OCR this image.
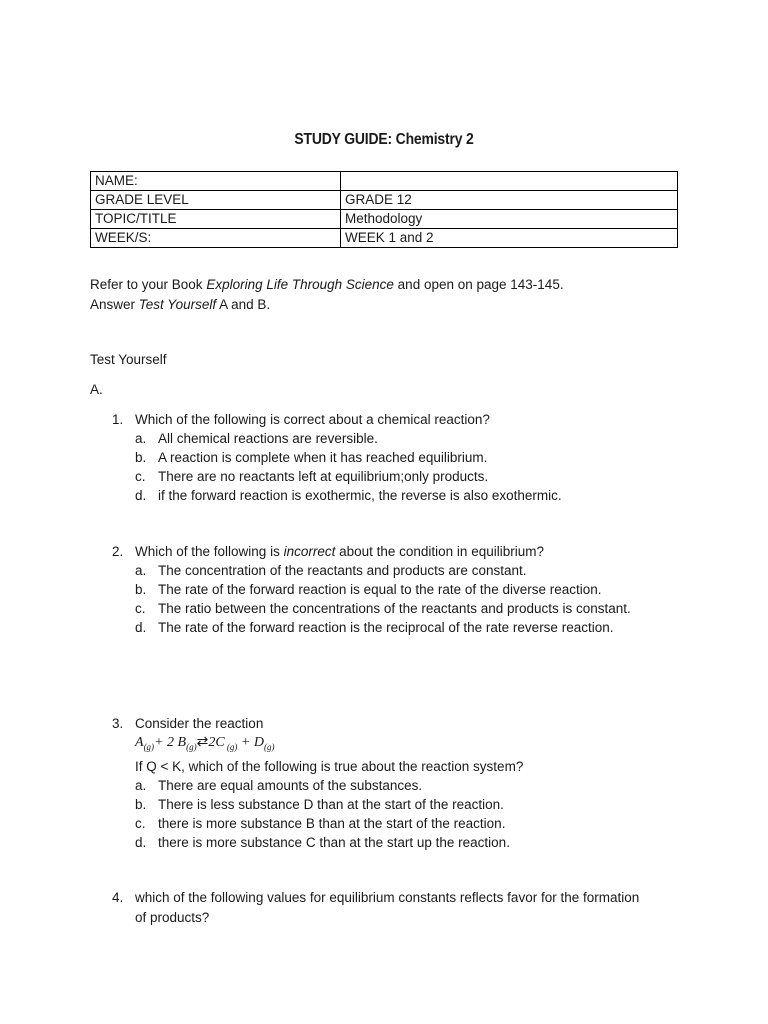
STUDY GUIDE: Chemistry 2
NAME:	
GRADE LEVEL	GRADE 12
TOPIC/TITLE	Methodology
WEEK/S:	WEEK 1 and 2
Refer to your Book Exploring Life Through Science and open on page 143-145.
Answer Test Yourself A and B.
Test Yourself
A.
1. Which of the following is correct about a chemical reaction?
a. All chemical reactions are reversible.
b. A reaction is complete when it has reached equilibrium.
c. There are no reactants left at equilibrium;only products.
d. if the forward reaction is exothermic, the reverse is also exothermic.
2. Which of the following is incorrect about the condition in equilibrium?
a. The concentration of the reactants and products are constant.
b. The rate of the forward reaction is equal to the rate of the diverse reaction.
c. The ratio between the concentrations of the reactants and products is constant.
d. The rate of the forward reaction is the reciprocal of the rate reverse reaction.
3. Consider the reaction
$A_{(g)}+ 2$ $B_{(g)}⇄2C$ $_{(g)} + D_{(g)}$
If Q < K, which of the following is true about the reaction system?
a. There are equal amounts of the substances.
b. There is less substance D than at the start of the reaction.
c. there is more substance B than at the start of the reaction.
d. there is more substance C than at the start up the reaction.
4. which of the following values for equilibrium constants reflects favor for the formation of products?
